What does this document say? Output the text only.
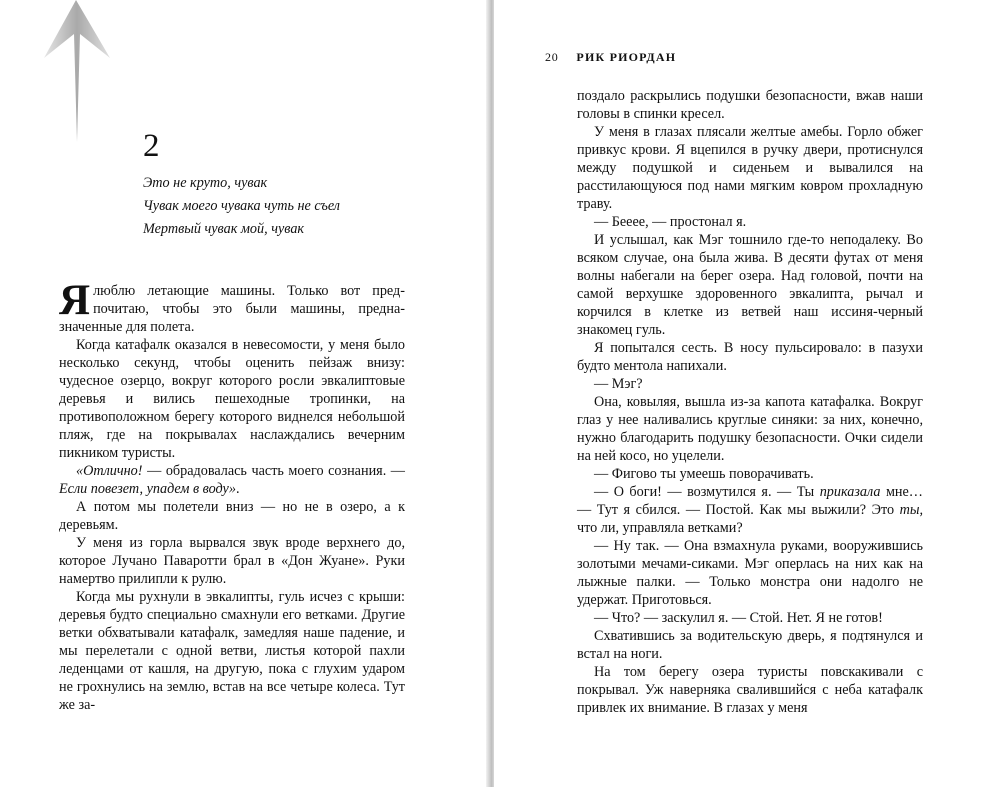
2
Это не круто, чувак
Чувак моего чувака чуть не съел
Мертвый чувак мой, чувак

Я люблю летающие машины. Только вот предпочитаю, чтобы это были машины, предназначенные для полета.

Когда катафалк оказался в невесомости, у меня было несколько секунд, чтобы оценить пейзаж внизу: чудесное озерцо, вокруг которого росли эвкалиптовые деревья и вились пешеходные тропинки, на противоположном берегу которого виднелся небольшой пляж, где на покрывалах наслаждались вечерним пикником туристы.

«Отлично! — обрадовалась часть моего сознания. — Если повезет, упадем в воду».

А потом мы полетели вниз — но не в озеро, а к деревьям.

У меня из горла вырвался звук вроде верхнего до, которое Лучано Паваротти брал в «Дон Жуане». Руки намертво прилипли к рулю.

Когда мы рухнули в эвкалипты, гуль исчез с крыши: деревья будто специально смахнули его ветками. Другие ветки обхватывали катафалк, замедляя наше падение, и мы перелетали с одной ветви, листья которой пахли леденцами от кашля, на другую, пока с глухим ударом не грохнулись на землю, встав на все четыре колеса. Тут же за-

20 РИК РИОРДАН

поздало раскрылись подушки безопасности, вжав наши головы в спинки кресел.

У меня в глазах плясали желтые амебы. Горло обжег привкус крови. Я вцепился в ручку двери, протиснулся между подушкой и сиденьем и вывалился на расстилающуюся под нами мягким ковром прохладную траву.

— Бееее, — простонал я.

И услышал, как Мэг тошнило где-то неподалеку. Во всяком случае, она была жива. В десяти футах от меня волны набегали на берег озера. Над головой, почти на самой верхушке здоровенного эвкалипта, рычал и корчился в клетке из ветвей наш иссиня-черный знакомец гуль.

Я попытался сесть. В носу пульсировало: в пазухи будто ментола напихали.

— Мэг?

Она, ковыляя, вышла из-за капота катафалка. Вокруг глаз у нее наливались круглые синяки: за них, конечно, нужно благодарить подушку безопасности. Очки сидели на ней косо, но уцелели.

— Фигово ты умеешь поворачивать.

— О боги! — возмутился я. — Ты приказала мне… — Тут я сбился. — Постой. Как мы выжили? Это ты, что ли, управляла ветками?

— Ну так. — Она взмахнула руками, вооружившись золотыми мечами-сиками. Мэг оперлась на них как на лыжные палки. — Только монстра они надолго не удержат. Приготовься.

— Что? — заскулил я. — Стой. Нет. Я не готов!

Схватившись за водительскую дверь, я подтянулся и встал на ноги.

На том берегу озера туристы повскакивали с покрывал. Уж наверняка свалившийся с неба катафалк привлек их внимание. В глазах у меня
